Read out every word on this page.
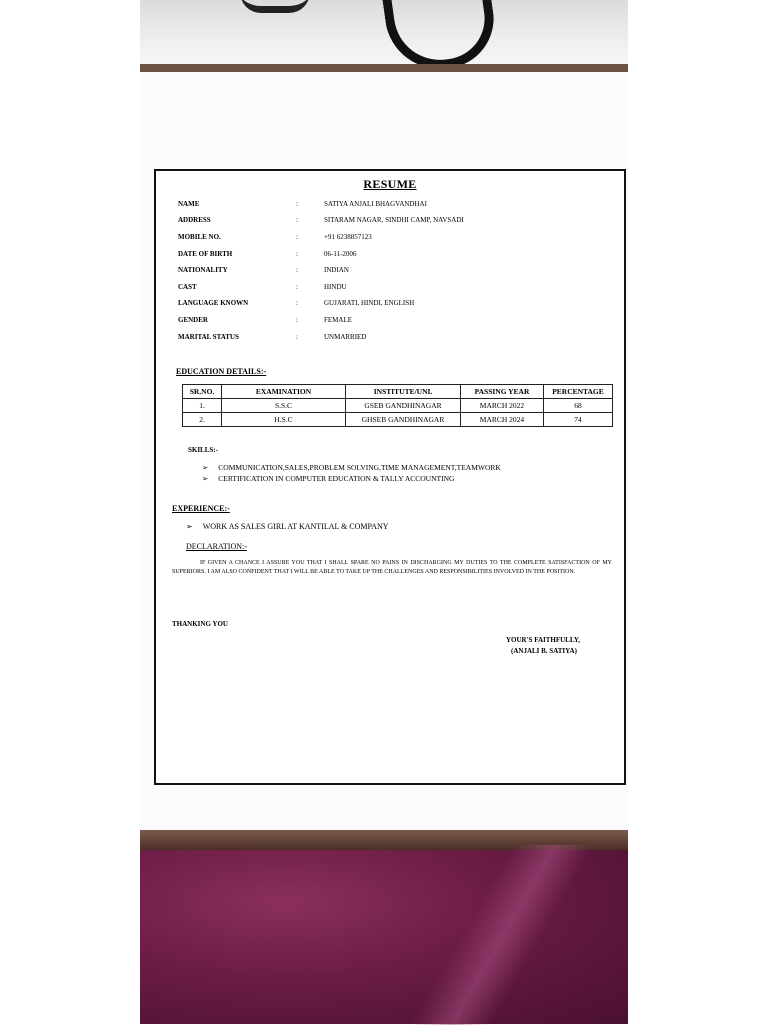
RESUME
NAME	:	SATIYA ANJALI BHAGVANDHAI
ADDRESS	:	SITARAM NAGAR, SINDHI CAMP, NAVSADI
MOBILE NO.	:	+91 6238857123
DATE OF BIRTH	:	06-11-2006
NATIONALITY	:	INDIAN
CAST	:	HINDU
LANGUAGE KNOWN	:	GUJARATI, HINDI, ENGLISH
GENDER	:	FEMALE
MARITAL STATUS	:	UNMARRIED
EDUCATION DETAILS:-
SR.NO.	EXAMINATION	INSTITUTE/UNI.	PASSING YEAR	PERCENTAGE
1.	S.S.C	GSEB GANDHINAGAR	MARCH 2022	68
2.	H.S.C	GHSEB GANDHINAGAR	MARCH 2024	74
SKILLS:-
➢ COMMUNICATION,SALES,PROBLEM SOLVING,TIME MANAGEMENT,TEAMWORK
➢ CERTIFICATION IN COMPUTER EDUCATION & TALLY ACCOUNTING
EXPERIENCE:-
➢ WORK AS SALES GIRL AT KANTILAL & COMPANY
DECLARATION:-
IF GIVEN A CHANCE I ASSURE YOU THAT I SHALL SPARE NO PAINS IN DISCHARGING MY DUTIES TO THE COMPLETE SATISFACTION OF MY SUPERIORS. I AM ALSO CONFIDENT THAT I WILL BE ABLE TO TAKE UP THE CHALLENGES AND RESPONSIBILITIES INVOLVED IN THE POSITION.
THANKING YOU
YOUR'S FAITHFULLY,
(ANJALI B. SATIYA)
